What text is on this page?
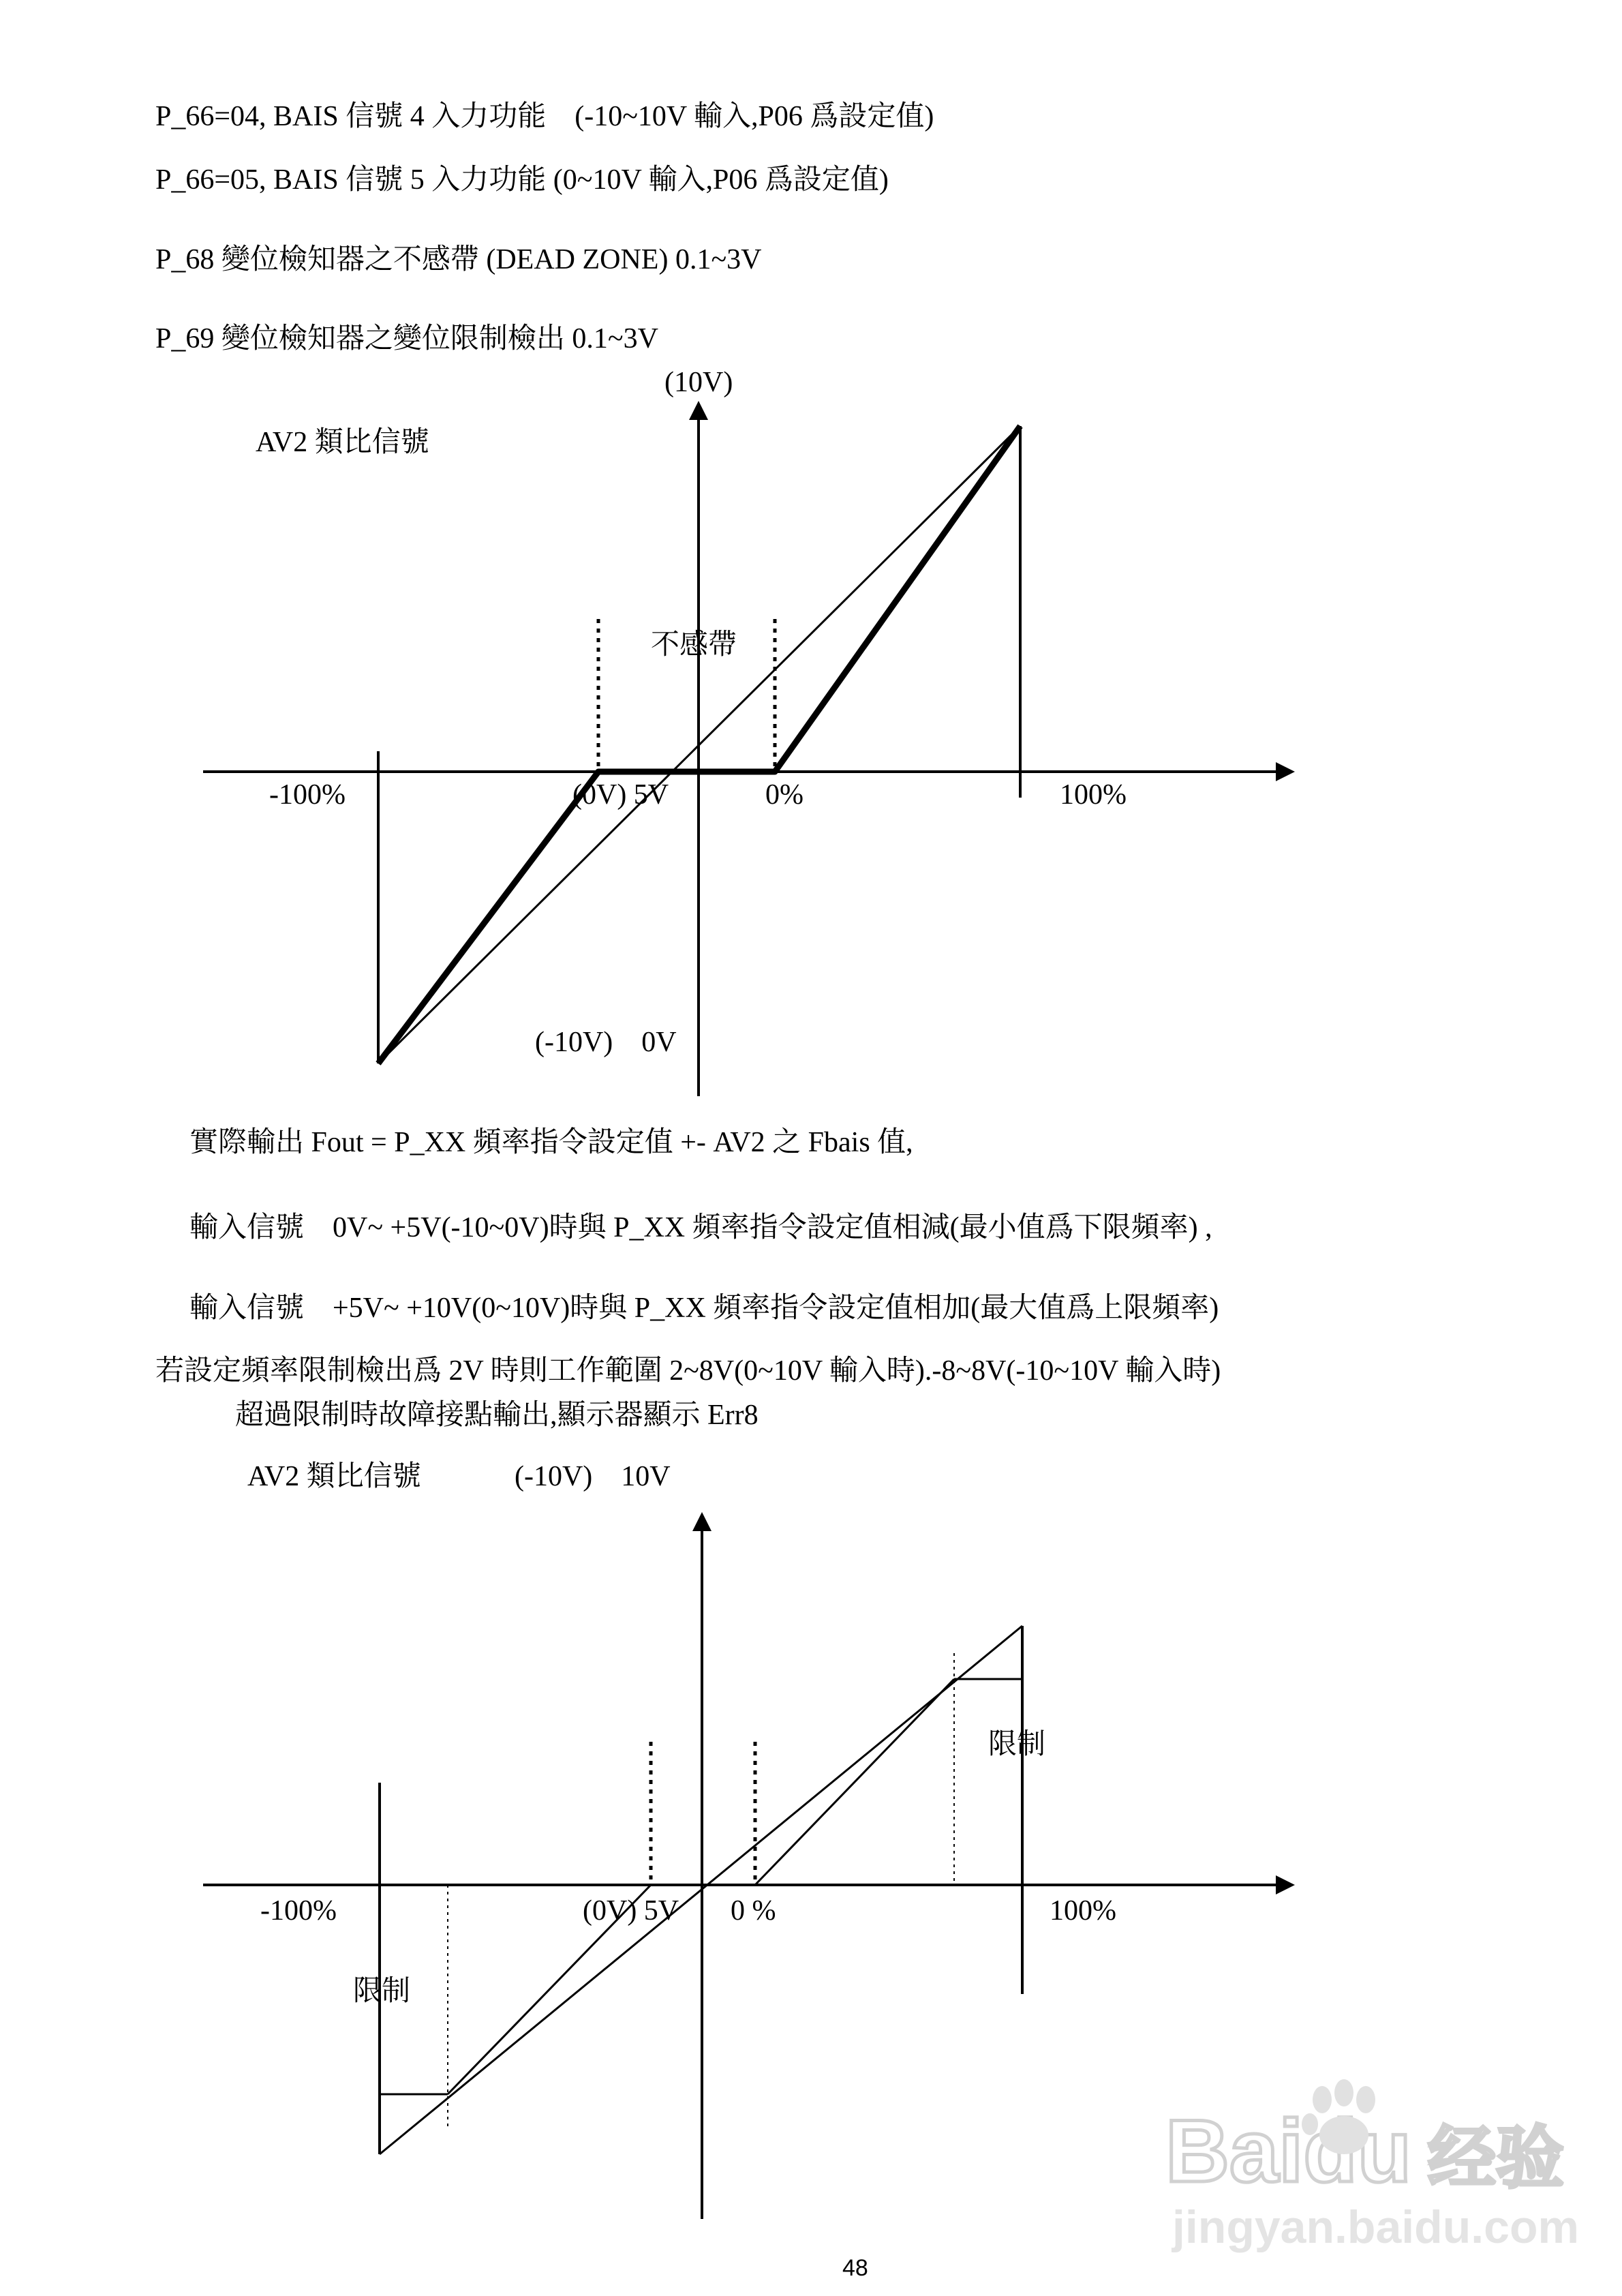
P_66=04, BAIS 信號 4 入力功能　(-10~10V 輸入,P06 爲設定值)
P_66=05, BAIS 信號 5 入力功能 (0~10V 輸入,P06 爲設定值)
P_68 變位檢知器之不感帶 (DEAD ZONE) 0.1~3V
P_69 變位檢知器之變位限制檢出 0.1~3V
(10V)
AV2 類比信號
不感帶
-100%	(0V) 5V	0%	100%
(-10V)　0V
實際輸出 Fout = P_XX 頻率指令設定值 +- AV2 之 Fbais 值,
輸入信號　0V~ +5V(-10~0V)時與 P_XX 頻率指令設定值相減(最小值爲下限頻率) ,
輸入信號　+5V~ +10V(0~10V)時與 P_XX 頻率指令設定值相加(最大值爲上限頻率)
若設定頻率限制檢出爲 2V 時則工作範圍 2~8V(0~10V 輸入時).-8~8V(-10~10V 輸入時)
超過限制時故障接點輸出,顯示器顯示 Err8
AV2 類比信號	(-10V)　10V
限制
-100%	(0V) 5V 0 %	100%
限制
48
Baidu 经验
jingyan.baidu.com
